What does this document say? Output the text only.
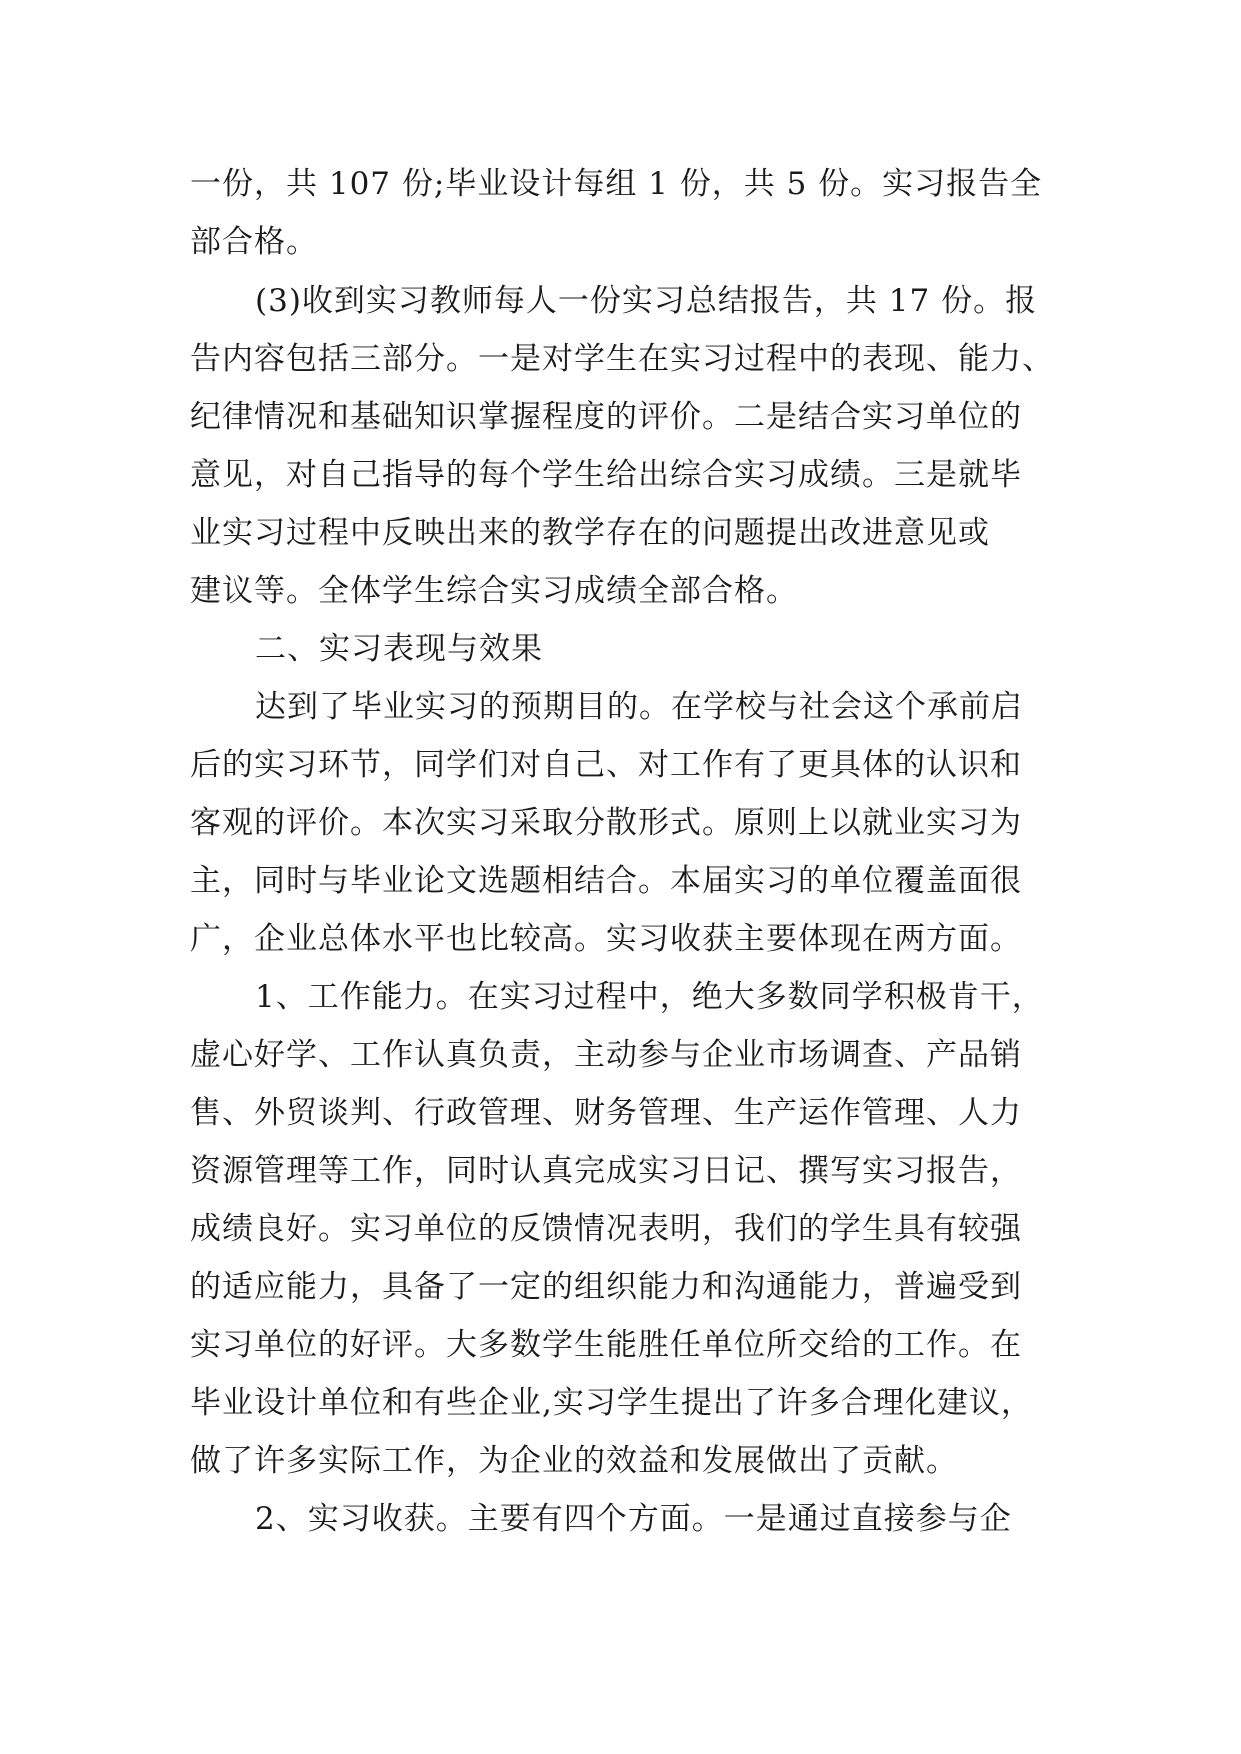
一份，共 107 份;毕业设计每组 1 份，共 5 份。实习报告全
部合格。
(3)收到实习教师每人一份实习总结报告，共 17 份。报
告内容包括三部分。一是对学生在实习过程中的表现、能力、
纪律情况和基础知识掌握程度的评价。二是结合实习单位的
意见，对自己指导的每个学生给出综合实习成绩。三是就毕
业实习过程中反映出来的教学存在的问题提出改进意见或
建议等。全体学生综合实习成绩全部合格。
二、实习表现与效果
达到了毕业实习的预期目的。在学校与社会这个承前启
后的实习环节，同学们对自己、对工作有了更具体的认识和
客观的评价。本次实习采取分散形式。原则上以就业实习为
主，同时与毕业论文选题相结合。本届实习的单位覆盖面很
广，企业总体水平也比较高。实习收获主要体现在两方面。
1、工作能力。在实习过程中，绝大多数同学积极肯干，
虚心好学、工作认真负责，主动参与企业市场调查、产品销
售、外贸谈判、行政管理、财务管理、生产运作管理、人力
资源管理等工作，同时认真完成实习日记、撰写实习报告，
成绩良好。实习单位的反馈情况表明，我们的学生具有较强
的适应能力，具备了一定的组织能力和沟通能力，普遍受到
实习单位的好评。大多数学生能胜任单位所交给的工作。在
毕业设计单位和有些企业,实习学生提出了许多合理化建议，
做了许多实际工作，为企业的效益和发展做出了贡献。
2、实习收获。主要有四个方面。一是通过直接参与企
